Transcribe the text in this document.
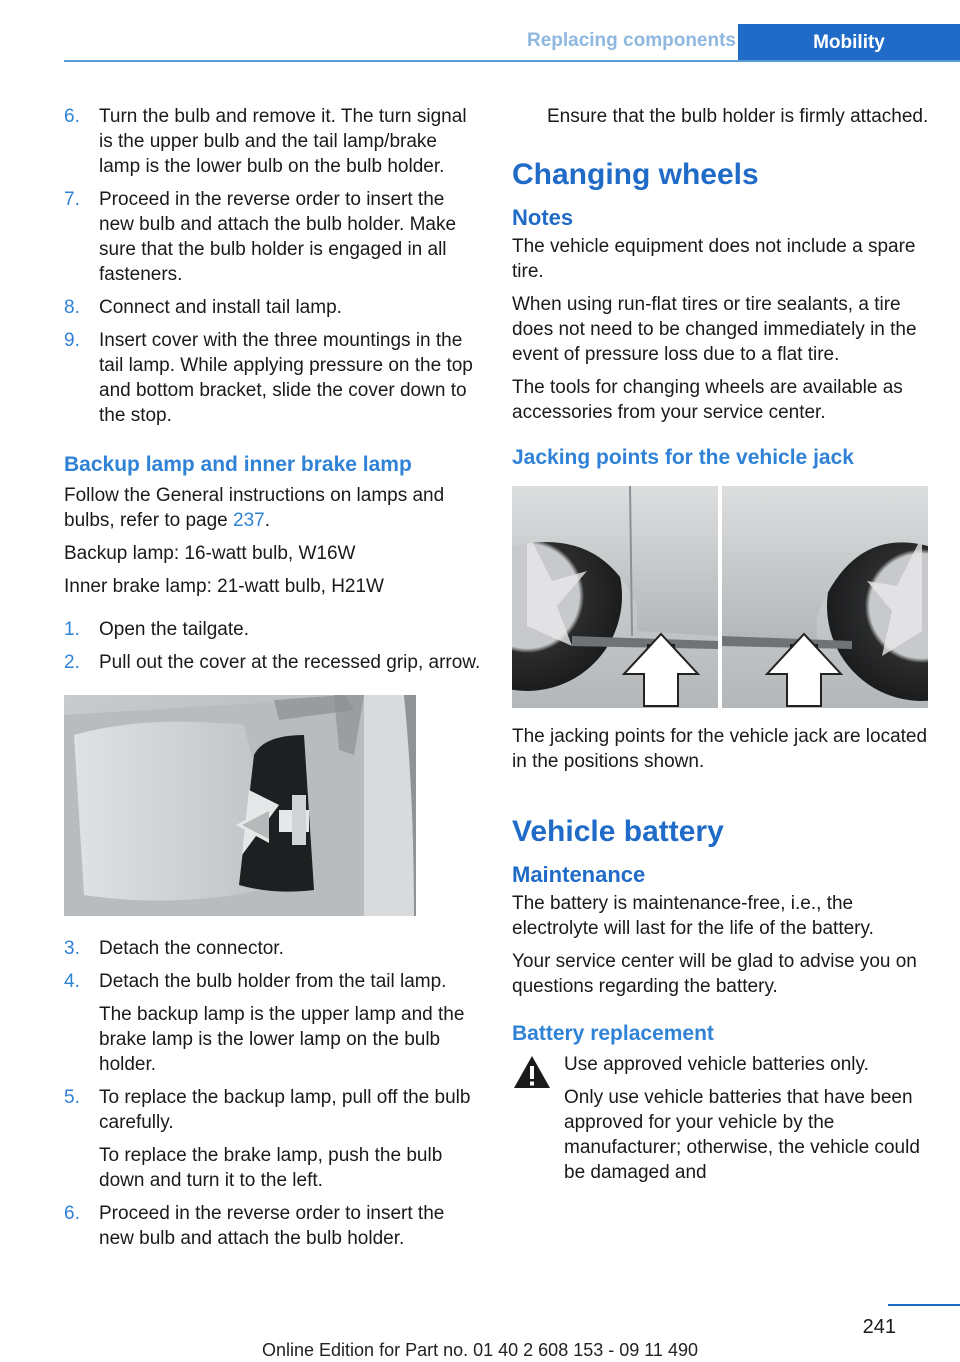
Replacing components	Mobility
6.	Turn the bulb and remove it. The turn signal is the upper bulb and the tail lamp/brake lamp is the lower bulb on the bulb holder.
7.	Proceed in the reverse order to insert the new bulb and attach the bulb holder. Make sure that the bulb holder is engaged in all fasteners.
8.	Connect and install tail lamp.
9.	Insert cover with the three mountings in the tail lamp. While applying pressure on the top and bottom bracket, slide the cover down to the stop.
Backup lamp and inner brake lamp

Follow the General instructions on lamps and bulbs, refer to page 237.

Backup lamp: 16-watt bulb, W16W

Inner brake lamp: 21-watt bulb, H21W

1.	Open the tailgate.
2.	Pull out the cover at the recessed grip, arrow.
3.	Detach the connector.
4.	Detach the bulb holder from the tail lamp.
The backup lamp is the upper lamp and the brake lamp is the lower lamp on the bulb holder.
5.	To replace the backup lamp, pull off the bulb carefully.
To replace the brake lamp, push the bulb down and turn it to the left.
6.	Proceed in the reverse order to insert the new bulb and attach the bulb holder.
Ensure that the bulb holder is firmly attached.
Changing wheels
Notes

The vehicle equipment does not include a spare tire.

When using run-flat tires or tire sealants, a tire does not need to be changed immediately in the event of pressure loss due to a flat tire.

The tools for changing wheels are available as accessories from your service center.

Jacking points for the vehicle jack

The jacking points for the vehicle jack are located in the positions shown.

Vehicle battery
Maintenance

The battery is maintenance-free, i.e., the electrolyte will last for the life of the battery.

Your service center will be glad to advise you on questions regarding the battery.

Battery replacement

Use approved vehicle batteries only.

Only use vehicle batteries that have been approved for your vehicle by the manufacturer; otherwise, the vehicle could be damaged and

241
Online Edition for Part no. 01 40 2 608 153 - 09 11 490
